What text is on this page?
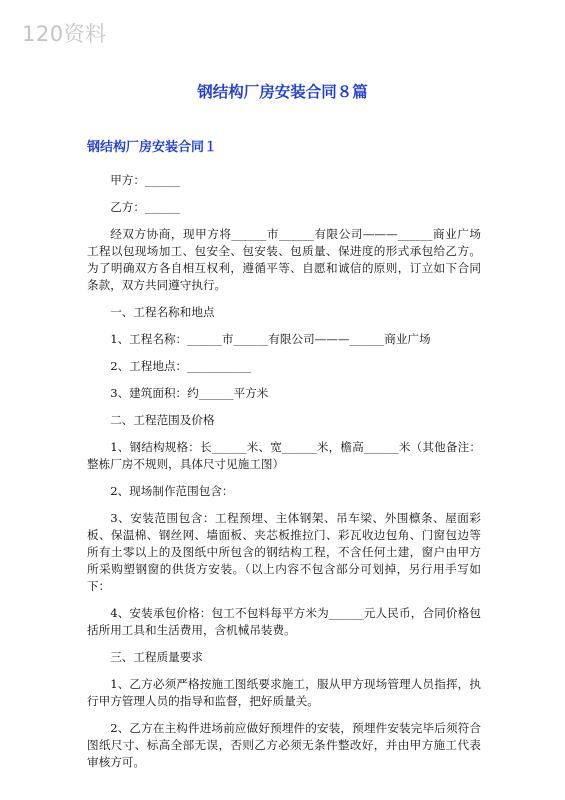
120资料
钢结构厂房安装合同８篇
钢结构厂房安装合同１

甲方：______

乙方：______

经双方协商，现甲方将______市______有限公司———______商业广场工程以包现场加工、包安全、包安装、包质量、保进度的形式承包给乙方。为了明确双方各自相互权利，遵循平等、自愿和诚信的原则，订立如下合同条款，双方共同遵守执行。

一、工程名称和地点

1、工程名称：______市______有限公司———______商业广场

2、工程地点：___________

3、建筑面积：约______平方米

二、工程范围及价格

1、钢结构规格：长______米、宽______米，檐高______米（其他备注：整栋厂房不规则，具体尺寸见施工图）

2、现场制作范围包含：

3、安装范围包含：工程预埋、主体钢架、吊车梁、外围檩条、屋面彩板、保温棉、钢丝网、墙面板、夹芯板推拉门、彩瓦收边包角、门窗包边等所有土零以上的及图纸中所包含的钢结构工程，不含任何土建，窗户由甲方所采购塑钢窗的供货方安装。（以上内容不包含部分可划掉，另行用手写如下：

4、安装承包价格：包工不包料每平方米为______元人民币，合同价格包括所用工具和生活费用，含机械吊装费。

三、工程质量要求

1、乙方必须严格按施工图纸要求施工，服从甲方现场管理人员指挥，执行甲方管理人员的指导和监督，把好质量关。

2、乙方在主构件进场前应做好预埋件的安装，预埋件安装完毕后须符合图纸尺寸、标高全部无误，否则乙方必须无条件整改好，并由甲方施工代表审核方可。
